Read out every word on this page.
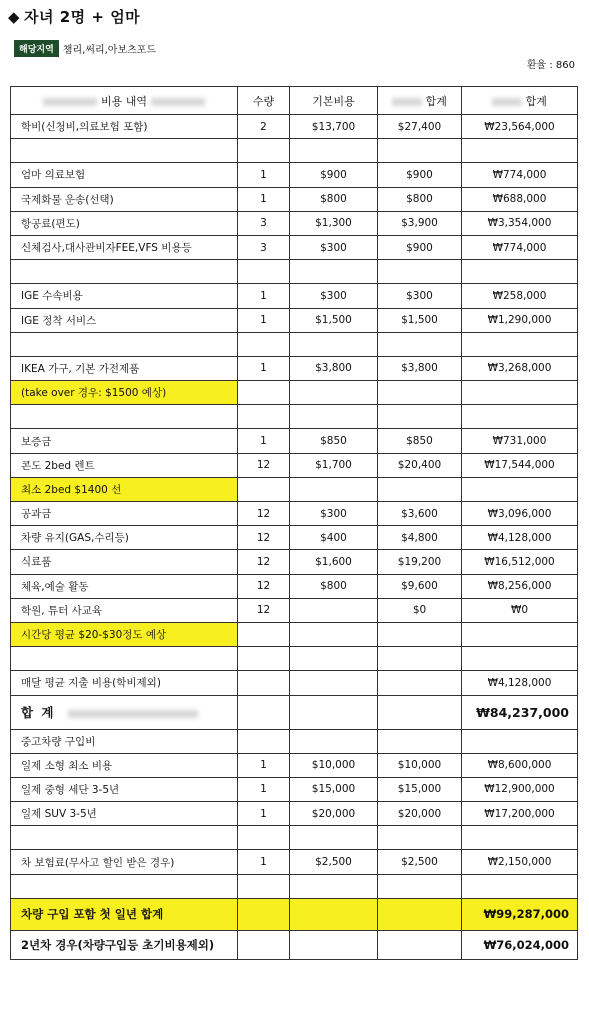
◆ 자녀 2명 + 엄마
해당지역 챔리,써리,아보츠포드
환율 : 860
비용 내역	수량	기본비용	합계	합계
학비(신청비,의료보험 포함)	2	$13,700	$27,400	₩23,564,000

엄마 의료보험	1	$900	$900	₩774,000
국제화물 운송(선택)	1	$800	$800	₩688,000
항공료(편도)	3	$1,300	$3,900	₩3,354,000
신체검사,대사관비자FEE,VFS 비용등	3	$300	$900	₩774,000

IGE 수속비용	1	$300	$300	₩258,000
IGE 정착 서비스	1	$1,500	$1,500	₩1,290,000

IKEA 가구, 기본 가전제품	1	$3,800	$3,800	₩3,268,000
(take over 경우: $1500 예상)				

보증금	1	$850	$850	₩731,000
콘도 2bed 렌트	12	$1,700	$20,400	₩17,544,000
최소 2bed $1400 선				
공과금	12	$300	$3,600	₩3,096,000
차량 유지(GAS,수리등)	12	$400	$4,800	₩4,128,000
식료품	12	$1,600	$19,200	₩16,512,000
체육,예술 활동	12	$800	$9,600	₩8,256,000
학원, 튜터 사교육	12		$0	₩0
시간당 평균 $20-$30정도 예상				

매달 평균 지출 비용(학비제외)				₩4,128,000
합 계				₩84,237,000
중고차량 구입비				
일제 소형 최소 비용	1	$10,000	$10,000	₩8,600,000
일제 중형 세단 3-5년	1	$15,000	$15,000	₩12,900,000
일제 SUV 3-5년	1	$20,000	$20,000	₩17,200,000

차 보험료(무사고 할인 받은 경우)	1	$2,500	$2,500	₩2,150,000

차량 구입 포함 첫 일년 합계				₩99,287,000
2년차 경우(차량구입등 초기비용제외)				₩76,024,000
